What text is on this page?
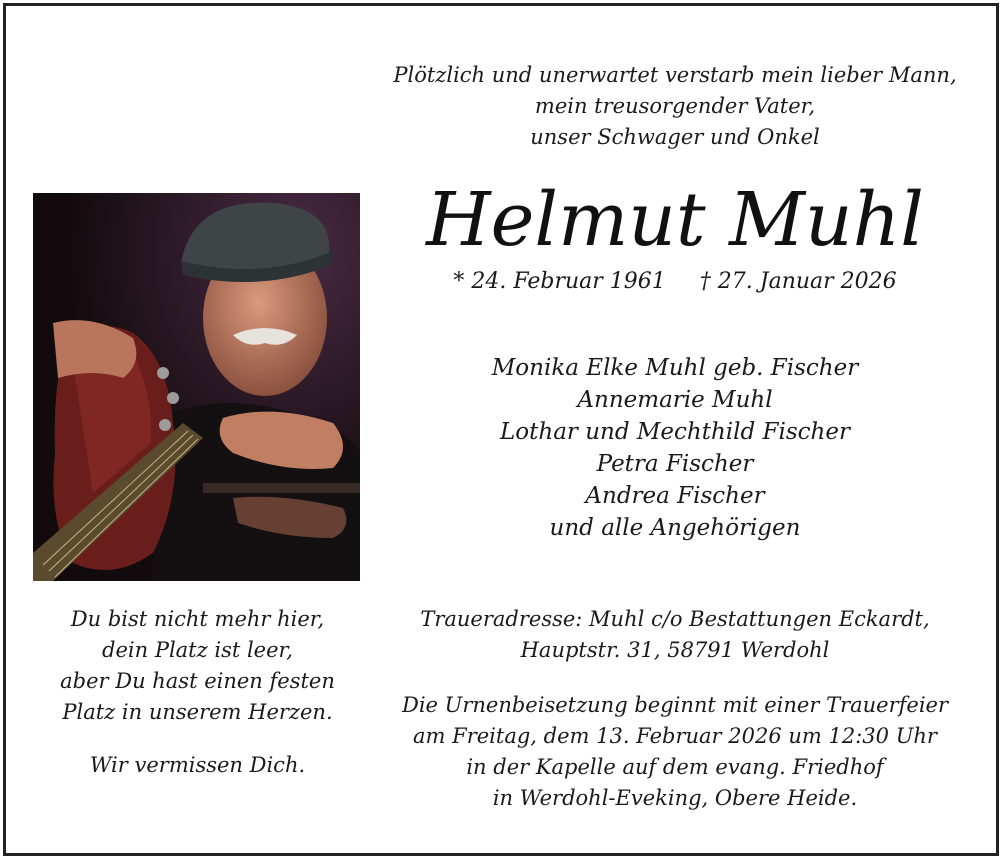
Plötzlich und unerwartet verstarb mein lieber Mann,
mein treusorgender Vater,
unser Schwager und Onkel
Helmut Muhl
* 24. Februar 1961 † 27. Januar 2026
Monika Elke Muhl geb. Fischer
Annemarie Muhl
Lothar und Mechthild Fischer
Petra Fischer
Andrea Fischer
und alle Angehörigen
Du bist nicht mehr hier,
dein Platz ist leer,
aber Du hast einen festen
Platz in unserem Herzen.
Wir vermissen Dich.
Traueradresse: Muhl c/o Bestattungen Eckardt,
Hauptstr. 31, 58791 Werdohl
Die Urnenbeisetzung beginnt mit einer Trauerfeier
am Freitag, dem 13. Februar 2026 um 12:30 Uhr
in der Kapelle auf dem evang. Friedhof
in Werdohl-Eveking, Obere Heide.
